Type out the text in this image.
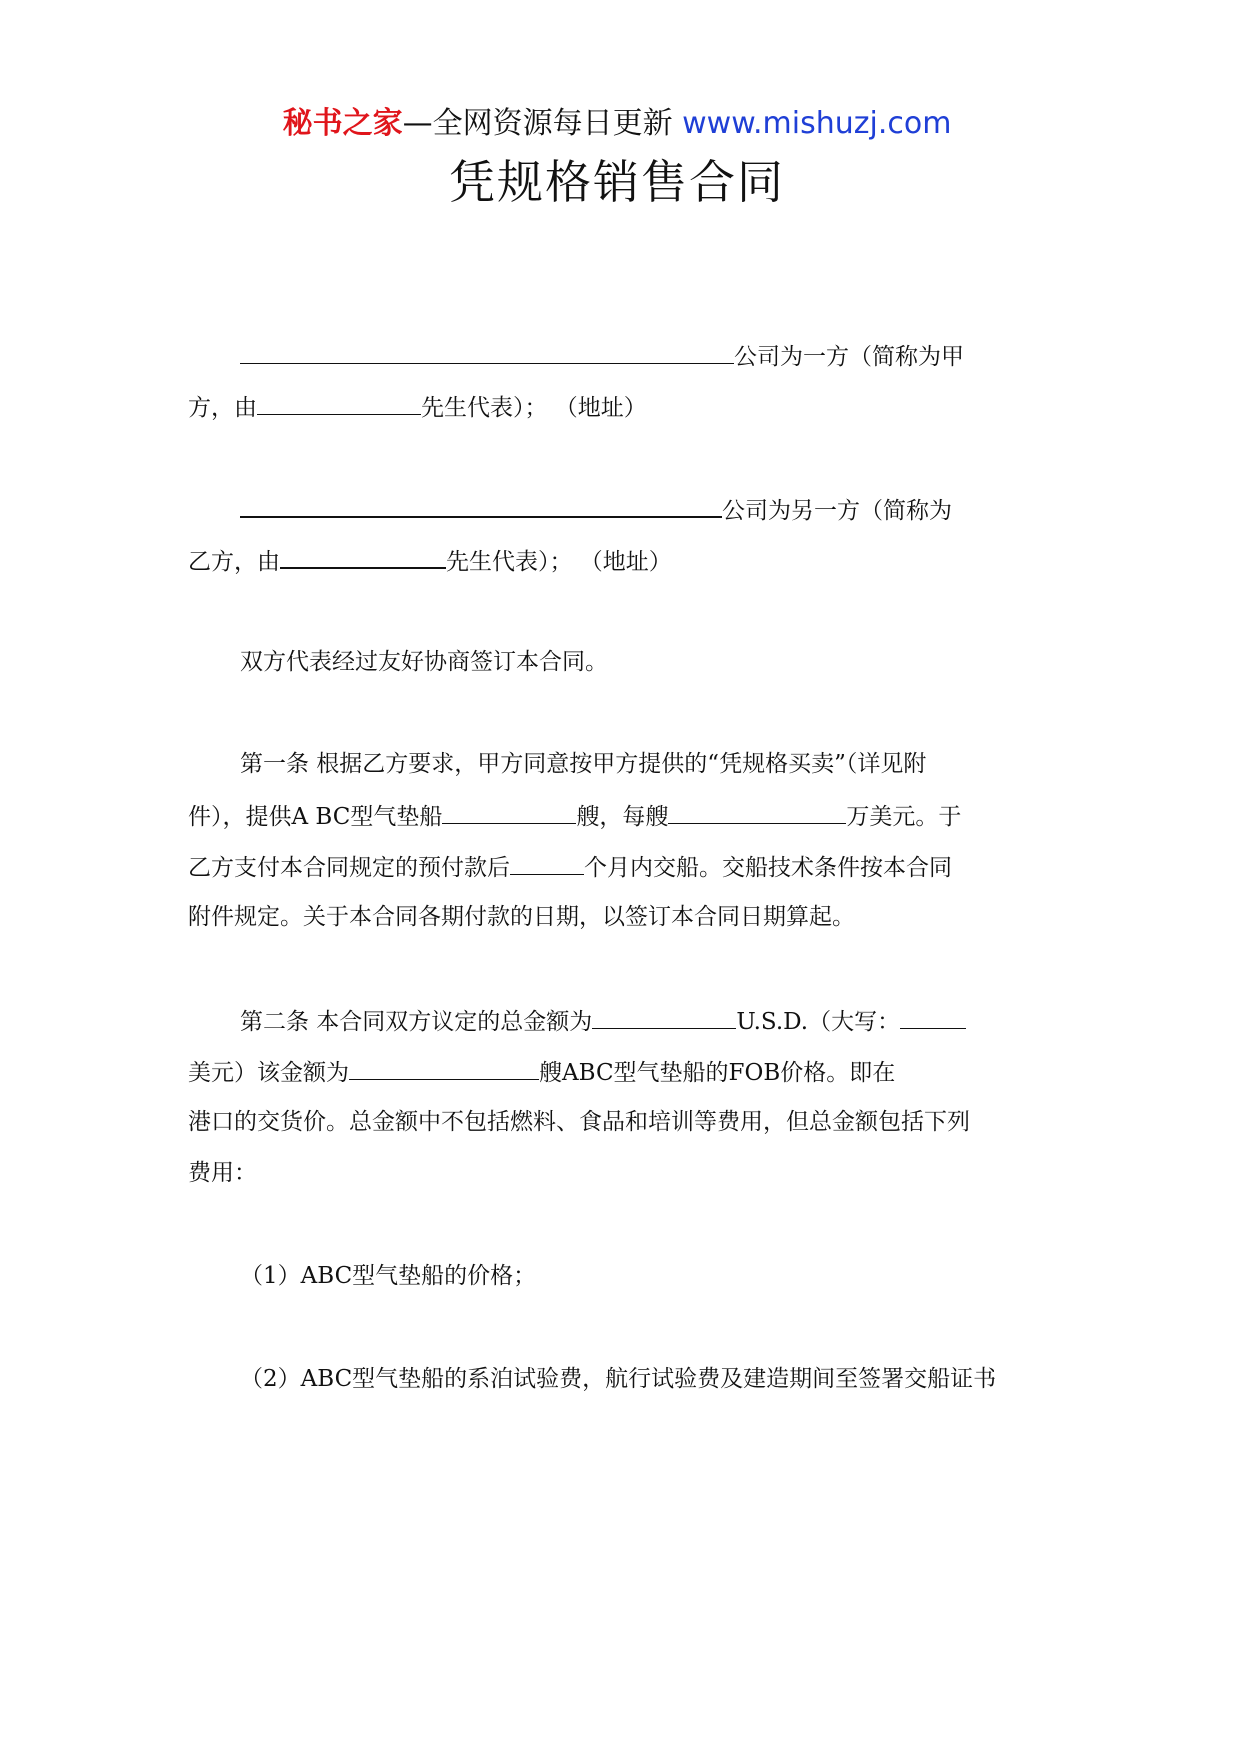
秘书之家—全网资源每日更新 www.mishuzj.com
凭规格销售合同
公司为一方（简称为甲
方，由	先生代表）； （地址）
公司为另一方（简称为
乙方，由	先生代表）； （地址）
双方代表经过友好协商签订本合同。
第一条 根据乙方要求，甲方同意按甲方提供的“凭规格买卖”（详见附
件），提供A BC型气垫船	艘，每艘	万美元。于
乙方支付本合同规定的预付款后	个月内交船。交船技术条件按本合同
附件规定。关于本合同各期付款的日期，以签订本合同日期算起。
第二条 本合同双方议定的总金额为	U.S.D.（大写：
美元）该金额为	艘ABC型气垫船的FOB价格。即在
港口的交货价。总金额中不包括燃料、食品和培训等费用，但总金额包括下列
费用：
（1）ABC型气垫船的价格；
（2）ABC型气垫船的系泊试验费，航行试验费及建造期间至签署交船证书
